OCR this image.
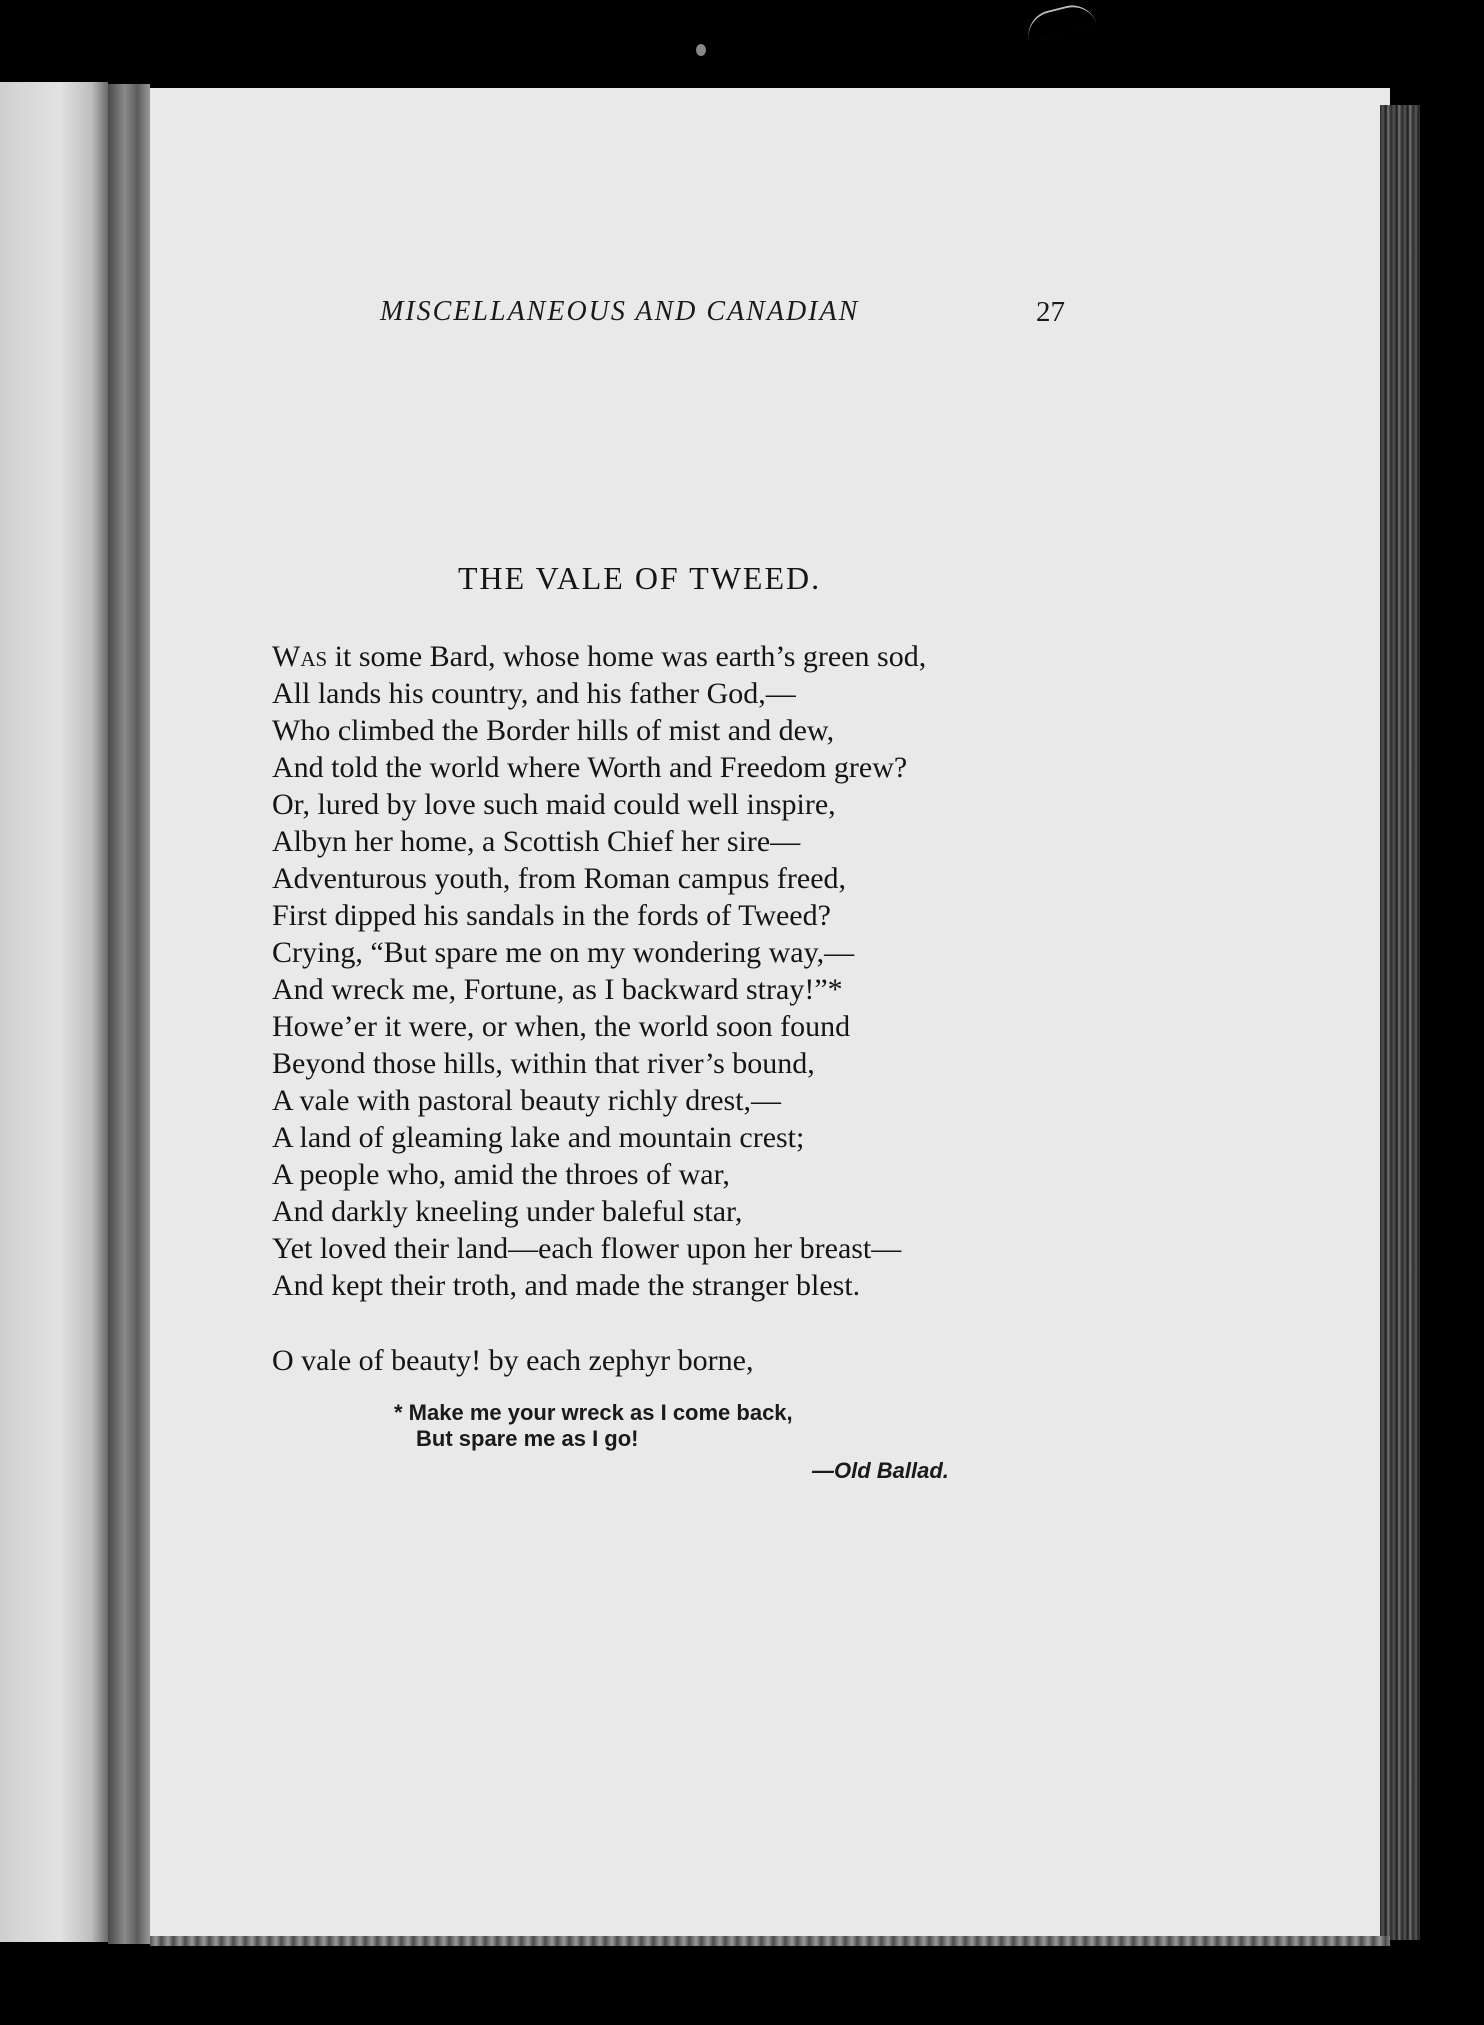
MISCELLANEOUS AND CANADIAN	27
THE VALE OF TWEED.
Was it some Bard, whose home was earth’s green sod,
All lands his country, and his father God,—
Who climbed the Border hills of mist and dew,
And told the world where Worth and Freedom grew?
Or, lured by love such maid could well inspire,
Albyn her home, a Scottish Chief her sire—
Adventurous youth, from Roman campus freed,
First dipped his sandals in the fords of Tweed?
Crying, “But spare me on my wondering way,—
And wreck me, Fortune, as I backward stray!”*
Howe’er it were, or when, the world soon found
Beyond those hills, within that river’s bound,
A vale with pastoral beauty richly drest,—
A land of gleaming lake and mountain crest;
A people who, amid the throes of war,
And darkly kneeling under baleful star,
Yet loved their land—each flower upon her breast—
And kept their troth, and made the stranger blest.
O vale of beauty! by each zephyr borne,
* Make me your wreck as I come back,
But spare me as I go!
—Old Ballad.
